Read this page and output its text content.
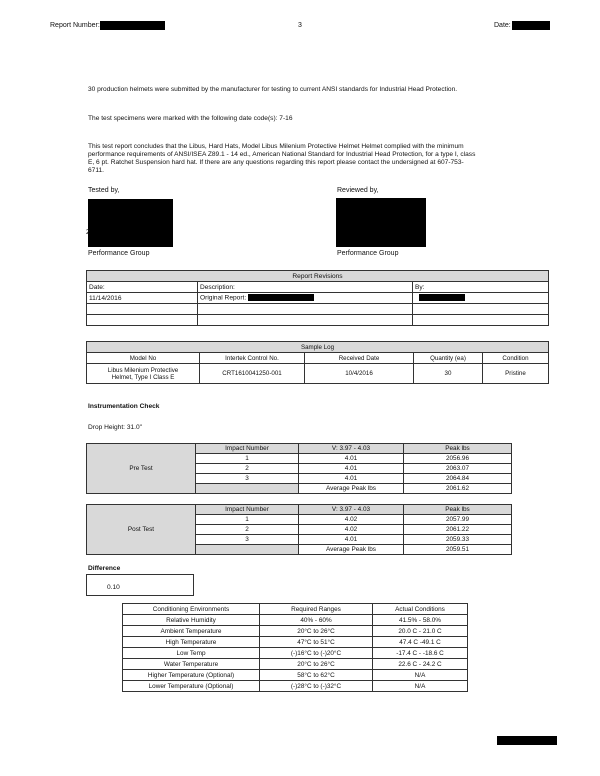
Report Number:	3	Date:
30 production helmets were submitted by the manufacturer for testing to current ANSI standards for Industrial Head Protection.
The test specimens were marked with the following date code(s): 7-16
This test report concludes that the Libus, Hard Hats, Model Libus Milenium Protective Helmet Helmet complied with the minimum performance requirements of ANSI/ISEA Z89.1 - 14 ed., American National Standard for Industrial Head Protection, for a type I, class E, 6 pt. Ratchet Suspension hard hat. If there are any questions regarding this report please contact the undersigned at 607-753-6711.
Tested by,
2
Performance Group
Reviewed by,
Performance Group
Report Revisions		
Date:	Description:	By:
11/14/2016	Original Report:	

Sample Log				
Model No	Intertek Control No.	Received Date	Quantity (ea)	Condition

Libus Milenium Protective
Helmet, Type I Class E	CRT1610041250-001	10/4/2016	30	Pristine
Instrumentation Check
Drop Height: 31.0"
Pre Test	Impact Number	V: 3.97 - 4.03	Peak lbs
	1	4.01	2056.96
	2	4.01	2063.07
	3	4.01	2064.84
		Average Peak lbs	2061.62
Post Test	Impact Number	V: 3.97 - 4.03	Peak lbs
	1	4.02	2057.99
	2	4.02	2061.22
	3	4.01	2059.33
		Average Peak lbs	2059.51
Difference
0.10
Conditioning Environments	Required Ranges	Actual Conditions
Relative Humidity	40% - 60%	41.5% - 58.0%
Ambient Temperature	20°C to 26°C	20.0 C - 21.0 C
High Temperature	47°C to 51°C	47.4 C -49.1 C
Low Temp	(-)16°C to (-)20°C	-17.4 C - -18.6 C
Water Temperature	20°C to 26°C	22.6 C - 24.2 C
Higher Temperature (Optional)	58°C to 62°C	N/A
Lower Temperature (Optional)	(-)28°C to (-)32°C	N/A
